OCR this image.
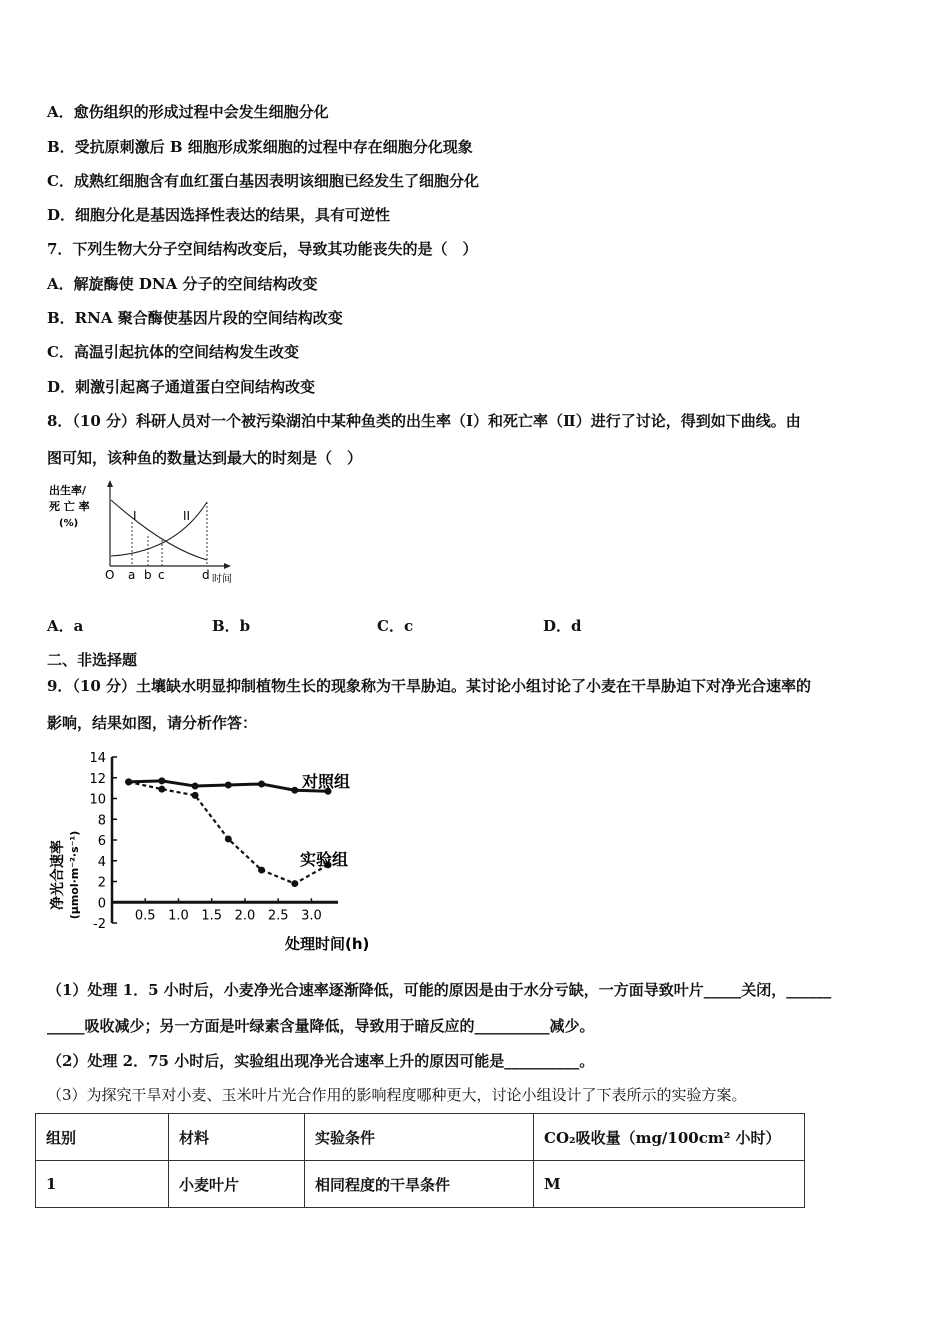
A．愈伤组织的形成过程中会发生细胞分化
B．受抗原刺激后 B 细胞形成浆细胞的过程中存在细胞分化现象
C．成熟红细胞含有血红蛋白基因表明该细胞已经发生了细胞分化
D．细胞分化是基因选择性表达的结果，具有可逆性
7．下列生物大分子空间结构改变后，导致其功能丧失的是（　）
A．解旋酶使 DNA 分子的空间结构改变
B．RNA 聚合酶使基因片段的空间结构改变
C．高温引起抗体的空间结构发生改变
D．刺激引起离子通道蛋白空间结构改变
8．（10 分）科研人员对一个被污染湖泊中某种鱼类的出生率（Ⅰ）和死亡率（Ⅱ）进行了讨论，得到如下曲线。由
图可知，该种鱼的数量达到最大的时刻是（　）
出生率/
死 亡 率
(%)
I	II
O a b c	d 时间
A．a	B．b	C．c	D．d
二、非选择题
9．（10 分）土壤缺水明显抑制植物生长的现象称为干旱胁迫。某讨论小组讨论了小麦在干旱胁迫下对净光合速率的
影响，结果如图，请分析作答：
-2
0
2
4
6
8
10
12
14
0.5 1.0 1.5 2.0 2.5 3.0
对照组
实验组
净光合速率 (μmol·m⁻²·s⁻¹)
处理时间(h)
（1）处理 1．5 小时后，小麦净光合速率逐渐降低，可能的原因是由于水分亏缺，一方面导致叶片_____关闭，______
_____吸收减少；另一方面是叶绿素含量降低，导致用于暗反应的__________减少。
（2）处理 2．75 小时后，实验组出现净光合速率上升的原因可能是__________。
（3）为探究干旱对小麦、玉米叶片光合作用的影响程度哪种更大，讨论小组设计了下表所示的实验方案。
组别	材料	实验条件	CO₂吸收量（mg/100cm² 小时）
1	小麦叶片	相同程度的干旱条件	M
